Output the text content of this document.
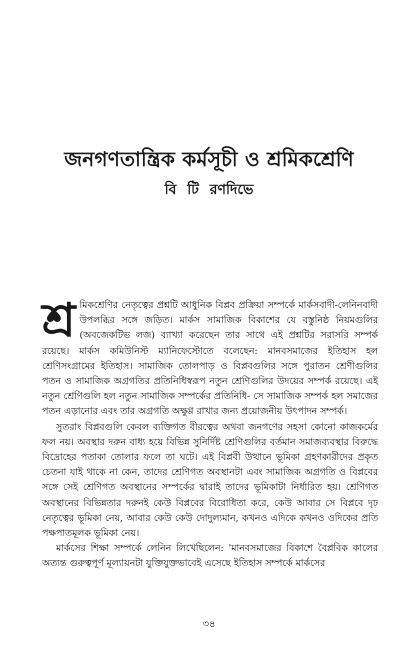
জনগণতান্ত্রিক কর্মসূচী ও শ্রমিকশ্রেণি
বি টি রণদিভে

শ্র মিকশ্রেণির নেতৃত্বের প্রশ্নটি আধুনিক বিপ্লব প্রক্রিয়া সম্পর্কে মার্কসবাদী-লেনিনবাদী উপলব্ধির সঙ্গে জড়িত। মার্কস সামাজিক বিকাশের যে বস্তুনিষ্ঠ নিয়মগুলির (অবজেকটিভ লজ) ব্যাখ্যা করেছেন তার সাথে এই প্রশ্নটির সরাসরি সম্পর্ক রয়েছে। মার্কস কমিউনিস্ট ম্যানিফেস্টোতে বলেছেন: মানবসমাজের ইতিহাস হল শ্রেণিসংগ্রামের ইতিহাস। সামাজিক তোলপাড় ও বিপ্লবগুলির সঙ্গে পুরাতন শ্রেণীগুলির পতন ও সামাজিক অগ্রগতির প্রতিনিধিস্বরূপ নতুন শ্রেণিগুলির উদয়ের সম্পর্ক রয়েছে। এই নতুন শ্রেণিগুলি হল নতুন সামাজিক সম্পর্কের প্রতিনিধি- সে সামাজিক সম্পর্ক হল সমাজের পতন এড়ানোর এবং তার অগ্রগতি অক্ষুণ্ণ রাখার জন্য প্রয়োজনীয় উৎপাদন সম্পর্ক।

সুতরাং বিপ্লবগুলি কেবল ব্যক্তিগত বীরত্বের অথবা জনগণের সহসা কোনো কাজকর্মের ফল নয়। অবস্থার দরুন বাধ্য হয়ে বিভিন্ন সুনির্দিষ্ট শ্রেণিগুলির বর্তমান সমাজব্যবস্থার বিরুদ্ধে বিদ্রোহের পতাকা তোলার ফলে তা ঘটে। এই বিপ্লবী উত্থানে ভূমিকা গ্রহণকারীদের প্রকৃত চেতনা যাই থাকে না কেন, তাদের শ্রেণিগত অবস্থানটা এবং সামাজিক অগ্রগতি ও বিপ্লবের সঙ্গে সেই শ্রেণিগত অবস্থানের সম্পর্কের দ্বারাই তাদের ভূমিকাটা নির্ধারিত হয়। শ্রেণিগত অবস্থানের বিভিন্নতার দরুনই কেউ বিপ্লবের বিরোধিতা করে, কেউ আবার সে বিপ্লবে দৃঢ় নেতৃত্বের ভূমিকা নেয়, আবার কেউ কেউ দোদুল্যমান, কখনও এদিকে কখনও ওদিকের প্রতি পক্ষপাতমূলক ভূমিকা নেয়।

মার্কসের শিক্ষা সম্পর্কে লেনিন লিখেছিলেন: 'মানবসমাজের বিকাশে বৈপ্লবিক কালের অত্যন্ত গুরুত্বপূর্ণ মূল্যায়নটা যুক্তিযুক্তভাবেই এসেছে ইতিহাস সম্পর্কে মার্কসের

৩৪
